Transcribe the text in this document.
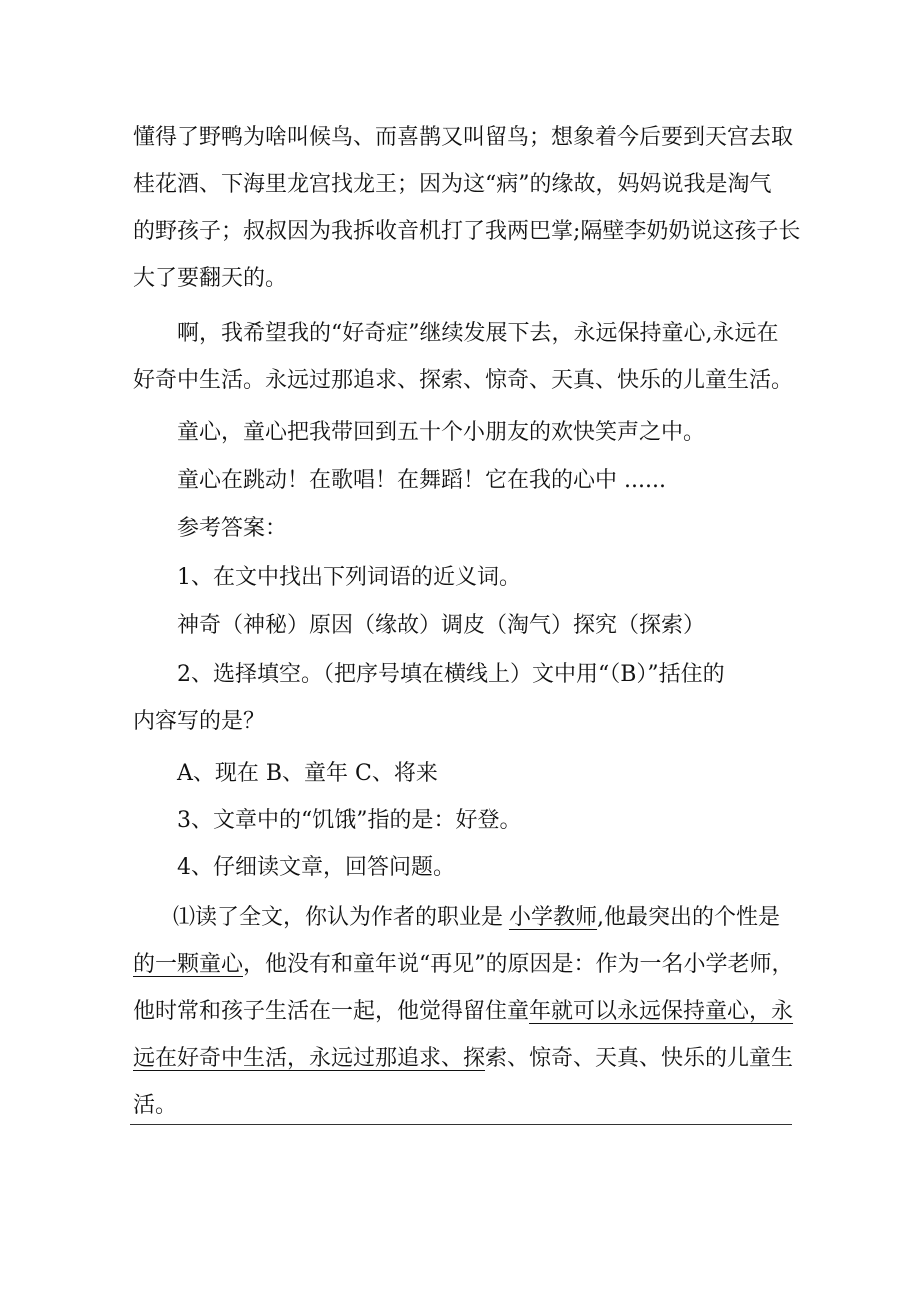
懂得了野鸭为啥叫候鸟、而喜鹊又叫留鸟；想象着今后要到天宫去取
桂花酒、下海里龙宫找龙王；因为这“病”的缘故，妈妈说我是淘气
的野孩子；叔叔因为我拆收音机打了我两巴掌;隔壁李奶奶说这孩子长
大了要翻天的。
啊，我希望我的“好奇症”继续发展下去，永远保持童心,永远在
好奇中生活。永远过那追求、探索、惊奇、天真、快乐的儿童生活。
童心，童心把我带回到五十个小朋友的欢快笑声之中。
童心在跳动！在歌唱！在舞蹈！它在我的心中 ......
参考答案：
1、在文中找出下列词语的近义词。
神奇（神秘）原因（缘故）调皮（淘气）探究（探索）
2、选择填空。（把序号填在横线上）文中用“（B）”括住的
内容写的是？
A、现在 B、童年 C、将来
3、文章中的“饥饿”指的是：好登。
4、仔细读文章，回答问题。
⑴读了全文，你认为作者的职业是 小学教师,他最突出的个性是
的一颗童心，他没有和童年说“再见”的原因是：作为一名小学老师，
他时常和孩子生活在一起，他觉得留住童年就可以永远保持童心，永
远在好奇中生活，永远过那追求、探索、惊奇、天真、快乐的儿童生
活。
